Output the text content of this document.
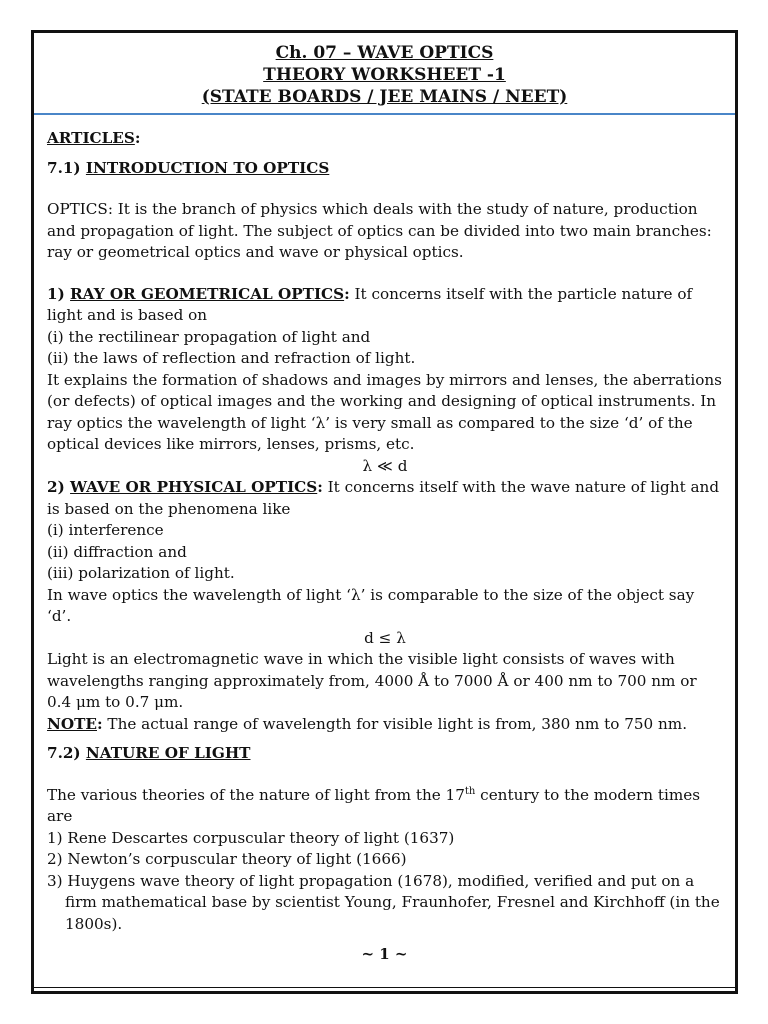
Ch. 07 – WAVE OPTICS
THEORY WORKSHEET -1
(STATE BOARDS / JEE MAINS / NEET)

ARTICLES:

7.1) INTRODUCTION TO OPTICS

OPTICS: It is the branch of physics which deals with the study of nature, production and propagation of light. The subject of optics can be divided into two main branches: ray or geometrical optics and wave or physical optics.

1) RAY OR GEOMETRICAL OPTICS: It concerns itself with the particle nature of light and is based on

(i) the rectilinear propagation of light and

(ii) the laws of reflection and refraction of light.

It explains the formation of shadows and images by mirrors and lenses, the aberrations (or defects) of optical images and the working and designing of optical instruments. In ray optics the wavelength of light ‘λ’ is very small as compared to the size ‘d’ of the optical devices like mirrors, lenses, prisms, etc.

λ ≪ d

2) WAVE OR PHYSICAL OPTICS: It concerns itself with the wave nature of light and is based on the phenomena like

(i) interference

(ii) diffraction and

(iii) polarization of light.

In wave optics the wavelength of light ‘λ’ is comparable to the size of the object say ‘d’.

d ≤ λ

Light is an electromagnetic wave in which the visible light consists of waves with wavelengths ranging approximately from, 4000 Å to 7000 Å or 400 nm to 700 nm or 0.4 μm to 0.7 μm.

NOTE: The actual range of wavelength for visible light is from, 380 nm to 750 nm.

7.2) NATURE OF LIGHT

The various theories of the nature of light from the 17th century to the modern times are

1) Rene Descartes corpuscular theory of light (1637)

2) Newton’s corpuscular theory of light (1666)

3) Huygens wave theory of light propagation (1678), modified, verified and put on a firm mathematical base by scientist Young, Fraunhofer, Fresnel and Kirchhoff (in the 1800s).

~ 1 ~
